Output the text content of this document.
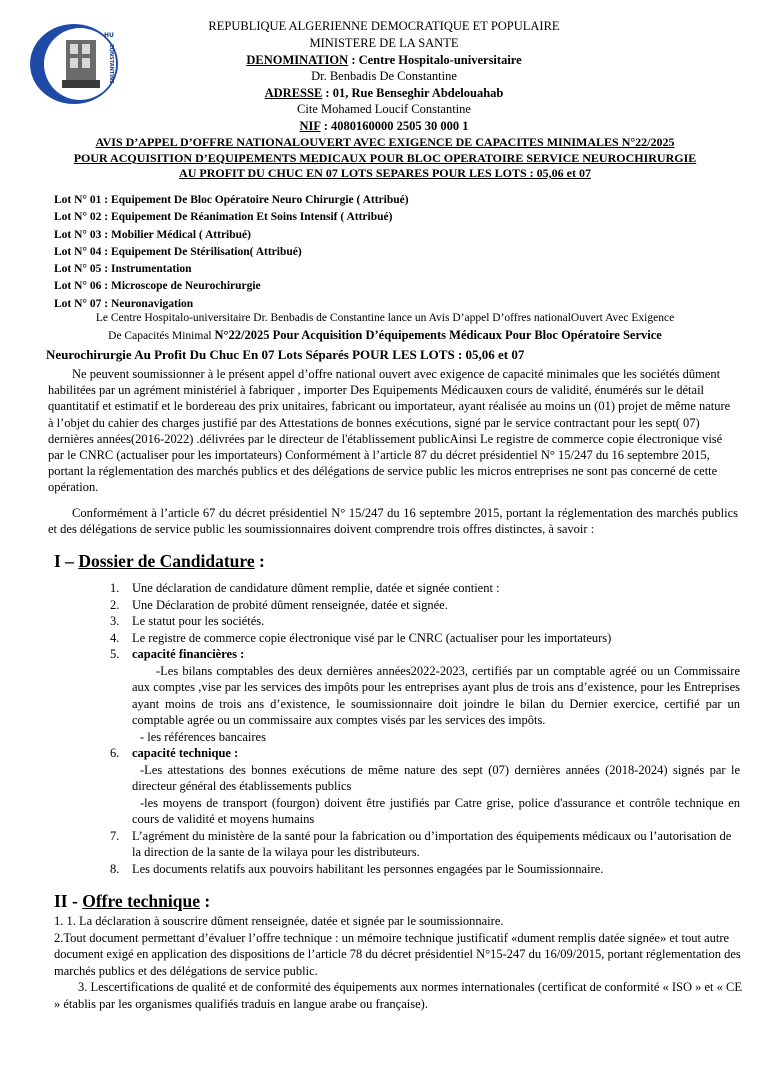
HU
CONSTANTINE
REPUBLIQUE ALGERIENNE DEMOCRATIQUE ET POPULAIRE
MINISTERE DE LA SANTE
DENOMINATION : Centre Hospitalo-universitaire
Dr. Benbadis De Constantine
ADRESSE : 01, Rue Benseghir Abdelouahab
Cite Mohamed Loucif Constantine
NIF : 4080160000 2505 30 000 1
AVIS D’APPEL D’OFFRE NATIONALOUVERT AVEC EXIGENCE DE CAPACITES MINIMALES N°22/2025
POUR ACQUISITION D’EQUIPEMENTS MEDICAUX POUR BLOC OPERATOIRE SERVICE NEUROCHIRURGIE
AU PROFIT DU CHUC EN 07 LOTS SEPARES POUR LES LOTS : 05,06 et 07
Lot N° 01 : Equipement De Bloc Opératoire Neuro Chirurgie ( Attribué)
Lot N° 02 : Equipement De Réanimation Et Soins Intensif ( Attribué)
Lot N° 03 : Mobilier Médical ( Attribué)
Lot N° 04 : Equipement De Stérilisation( Attribué)
Lot N° 05 : Instrumentation
Lot N° 06 : Microscope de Neurochirurgie
Lot N° 07 : Neuronavigation
Le Centre Hospitalo-universitaire Dr. Benbadis de Constantine lance un Avis D’appel D’offres nationalOuvert Avec Exigence
De Capacités Minimal N°22/2025 Pour Acquisition D’équipements Médicaux Pour Bloc Opératoire Service
Neurochirurgie Au Profit Du Chuc En 07 Lots Séparés POUR LES LOTS : 05,06 et 07
Ne peuvent soumissionner à le présent appel d’offre national ouvert avec exigence de capacité minimales que les sociétés dûment habilitées par un agrément ministériel à fabriquer , importer Des Equipements Médicauxen cours de validité, énumérés sur le détail quantitatif et estimatif et le bordereau des prix unitaires, fabricant ou importateur, ayant réalisée au moins un (01) projet de même nature à l’objet du cahier des charges justifié par des Attestations de bonnes exécutions, signé par le service contractant pour les sept( 07) dernières années(2016-2022) .délivrées par le directeur de l'établissement publicAinsi Le registre de commerce copie électronique visé par le CNRC (actualiser pour les importateurs) Conformément à l’article 87 du décret présidentiel N° 15/247 du 16 septembre 2015, portant la réglementation des marchés publics et des délégations de service public les micros entreprises ne sont pas concerné de cette opération.
Conformément à l’article 67 du décret présidentiel N° 15/247 du 16 septembre 2015, portant la réglementation des marchés publics et des délégations de service public les soumissionnaires doivent comprendre trois offres distinctes, à savoir :
I – Dossier de Candidature :
1. Une déclaration de candidature dûment remplie, datée et signée contient :
2. Une Déclaration de probité dûment renseignée, datée et signée.
3. Le statut pour les sociétés.
4. Le registre de commerce copie électronique visé par le CNRC (actualiser pour les importateurs)
5. capacité financières :
-Les bilans comptables des deux dernières années2022-2023, certifiés par un comptable agréé ou un Commissaire aux comptes ,vise par les services des impôts pour les entreprises ayant plus de trois ans d’existence, pour les Entreprises ayant moins de trois ans d’existence, le soumissionnaire doit joindre le bilan du Dernier exercice, certifié par un comptable agrée ou un commissaire aux comptes visés par les services des impôts.
- les références bancaires
6. capacité technique :
-Les attestations des bonnes exécutions de même nature des sept (07) dernières années (2018-2024) signés par le directeur général des établissements publics
-les moyens de transport (fourgon) doivent être justifiés par Catre grise, police d'assurance et contrôle technique en cours de validité et moyens humains
7. L’agrément du ministère de la santé pour la fabrication ou d’importation des équipements médicaux ou l’autorisation de la direction de la sante de la wilaya pour les distributeurs.
8. Les documents relatifs aux pouvoirs habilitant les personnes engagées par le Soumissionnaire.
II - Offre technique :
1. 1. La déclaration à souscrire dûment renseignée, datée et signée par le soumissionnaire.
2.Tout document permettant d’évaluer l’offre technique : un mémoire technique justificatif «dument remplis datée signée» et tout autre document exigé en application des dispositions de l’article 78 du décret présidentiel N°15-247 du 16/09/2015, portant réglementation des marchés publics et des délégations de service public.
3. Lescertifications de qualité et de conformité des équipements aux normes internationales (certificat de conformité « ISO » et « CE » établis par les organismes qualifiés traduis en langue arabe ou française).
